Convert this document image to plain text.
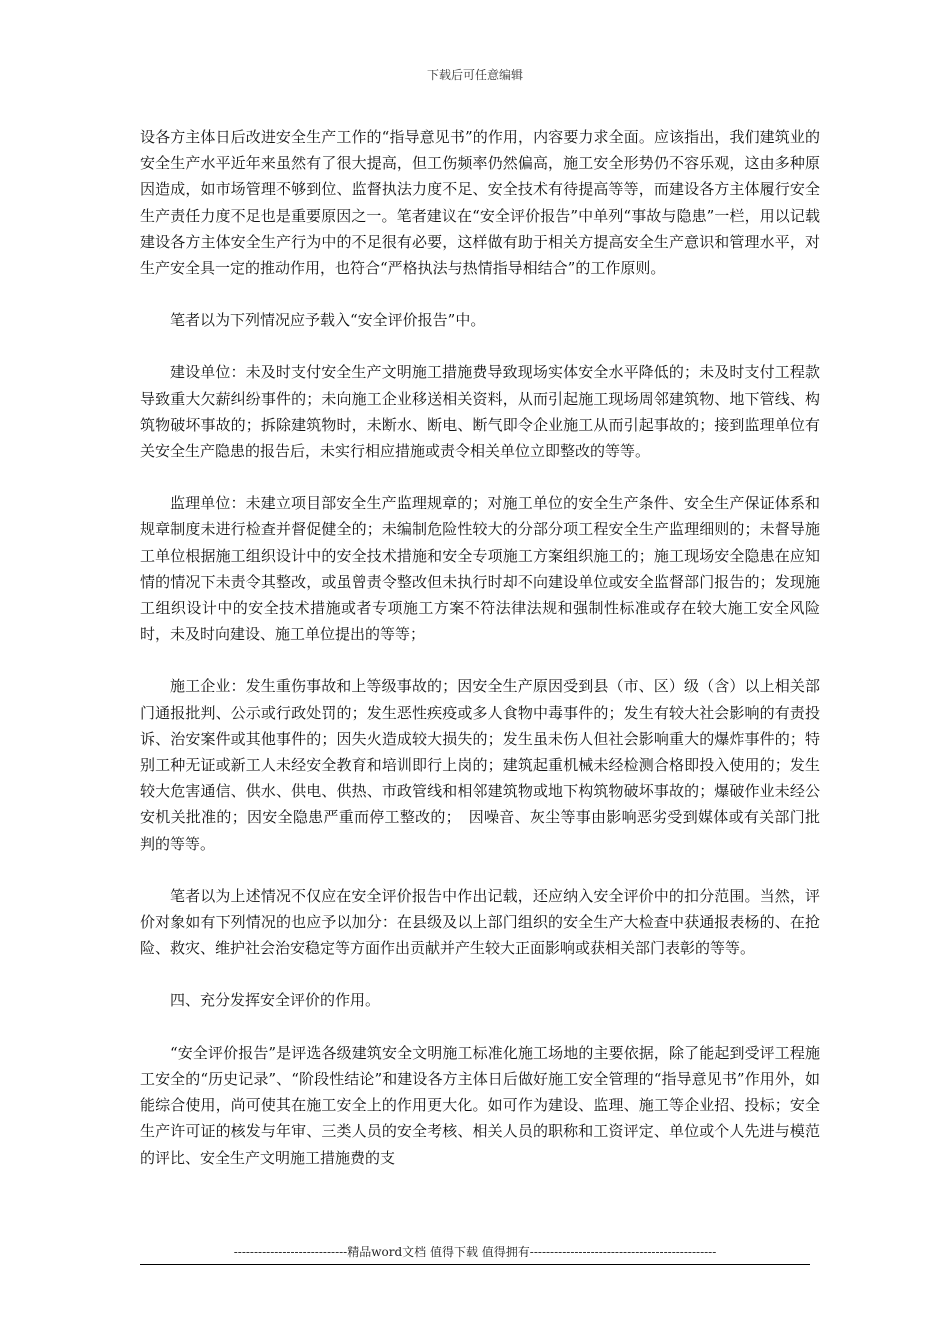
下载后可任意编辑

设各方主体日后改进安全生产工作的“指导意见书”的作用，内容要力求全面。应该指出，我们建筑业的安全生产水平近年来虽然有了很大提高，但工伤频率仍然偏高，施工安全形势仍不容乐观，这由多种原因造成，如市场管理不够到位、监督执法力度不足、安全技术有待提高等等，而建设各方主体履行安全生产责任力度不足也是重要原因之一。笔者建议在“安全评价报告”中单列“事故与隐患”一栏，用以记载建设各方主体安全生产行为中的不足很有必要，这样做有助于相关方提高安全生产意识和管理水平，对生产安全具一定的推动作用，也符合“严格执法与热情指导相结合”的工作原则。

笔者以为下列情况应予载入“安全评价报告”中。

建设单位：未及时支付安全生产文明施工措施费导致现场实体安全水平降低的；未及时支付工程款导致重大欠薪纠纷事件的；未向施工企业移送相关资料，从而引起施工现场周邻建筑物、地下管线、构筑物破坏事故的；拆除建筑物时，未断水、断电、断气即令企业施工从而引起事故的；接到监理单位有关安全生产隐患的报告后，未实行相应措施或责令相关单位立即整改的等等。

监理单位：未建立项目部安全生产监理规章的；对施工单位的安全生产条件、安全生产保证体系和规章制度未进行检查并督促健全的；未编制危险性较大的分部分项工程安全生产监理细则的；未督导施工单位根据施工组织设计中的安全技术措施和安全专项施工方案组织施工的；施工现场安全隐患在应知情的情况下未责令其整改，或虽曾责令整改但未执行时却不向建设单位或安全监督部门报告的；发现施工组织设计中的安全技术措施或者专项施工方案不符法律法规和强制性标准或存在较大施工安全风险时，未及时向建设、施工单位提出的等等；

施工企业：发生重伤事故和上等级事故的；因安全生产原因受到县（市、区）级（含）以上相关部门通报批判、公示或行政处罚的；发生恶性疾疫或多人食物中毒事件的；发生有较大社会影响的有责投诉、治安案件或其他事件的；因失火造成较大损失的；发生虽未伤人但社会影响重大的爆炸事件的；特别工种无证或新工人未经安全教育和培训即行上岗的；建筑起重机械未经检测合格即投入使用的；发生较大危害通信、供水、供电、供热、市政管线和相邻建筑物或地下构筑物破坏事故的；爆破作业未经公安机关批准的；因安全隐患严重而停工整改的；　因噪音、灰尘等事由影响恶劣受到媒体或有关部门批判的等等。

笔者以为上述情况不仅应在安全评价报告中作出记载，还应纳入安全评价中的扣分范围。当然，评价对象如有下列情况的也应予以加分：在县级及以上部门组织的安全生产大检查中获通报表杨的、在抢险、救灾、维护社会治安稳定等方面作出贡献并产生较大正面影响或获相关部门表彰的等等。

四、充分发挥安全评价的作用。

“安全评价报告”是评选各级建筑安全文明施工标准化施工场地的主要依据，除了能起到受评工程施工安全的“历史记录”、“阶段性结论”和建设各方主体日后做好施工安全管理的“指导意见书”作用外，如能综合使用，尚可使其在施工安全上的作用更大化。如可作为建设、监理、施工等企业招、投标；安全生产许可证的核发与年审、三类人员的安全考核、相关人员的职称和工资评定、单位或个人先进与模范的评比、安全生产文明施工措施费的支

----------------------------精品word文档 值得下载 值得拥有----------------------------------------------
